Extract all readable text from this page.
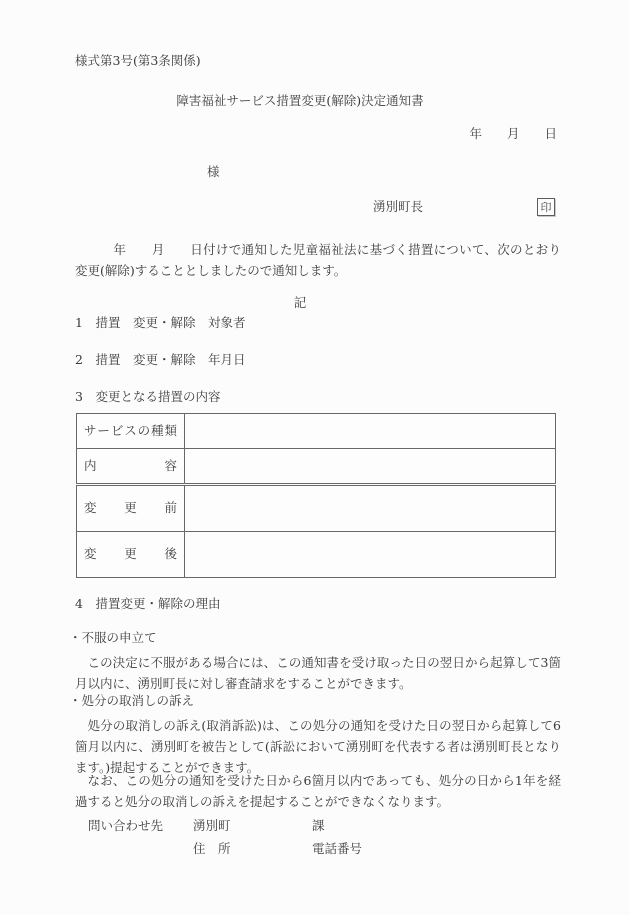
様式第3号(第3条関係)
障害福祉サービス措置変更(解除)決定通知書
年　　月　　日
様
湧別町長	印
　　　年　　月　　日付けで通知した児童福祉法に基づく措置について、次のとおり変更(解除)することとしましたので通知します。
記
1　措置　変更・解除　対象者
2　措置　変更・解除　年月日
3　変更となる措置の内容
サービスの種類	
内容	
変更前	
変更後	
4　措置変更・解除の理由
・不服の申立て
この決定に不服がある場合には、この通知書を受け取った日の翌日から起算して3箇月以内に、湧別町長に対し審査請求をすることができます。
・処分の取消しの訴え
処分の取消しの訴え(取消訴訟)は、この処分の通知を受けた日の翌日から起算して6箇月以内に、湧別町を被告として(訴訟において湧別町を代表する者は湧別町長となります。)提起することができます。
なお、この処分の通知を受けた日から6箇月以内であっても、処分の日から1年を経過すると処分の取消しの訴えを提起することができなくなります。
問い合わせ先 湧別町	課
住　所	電話番号
